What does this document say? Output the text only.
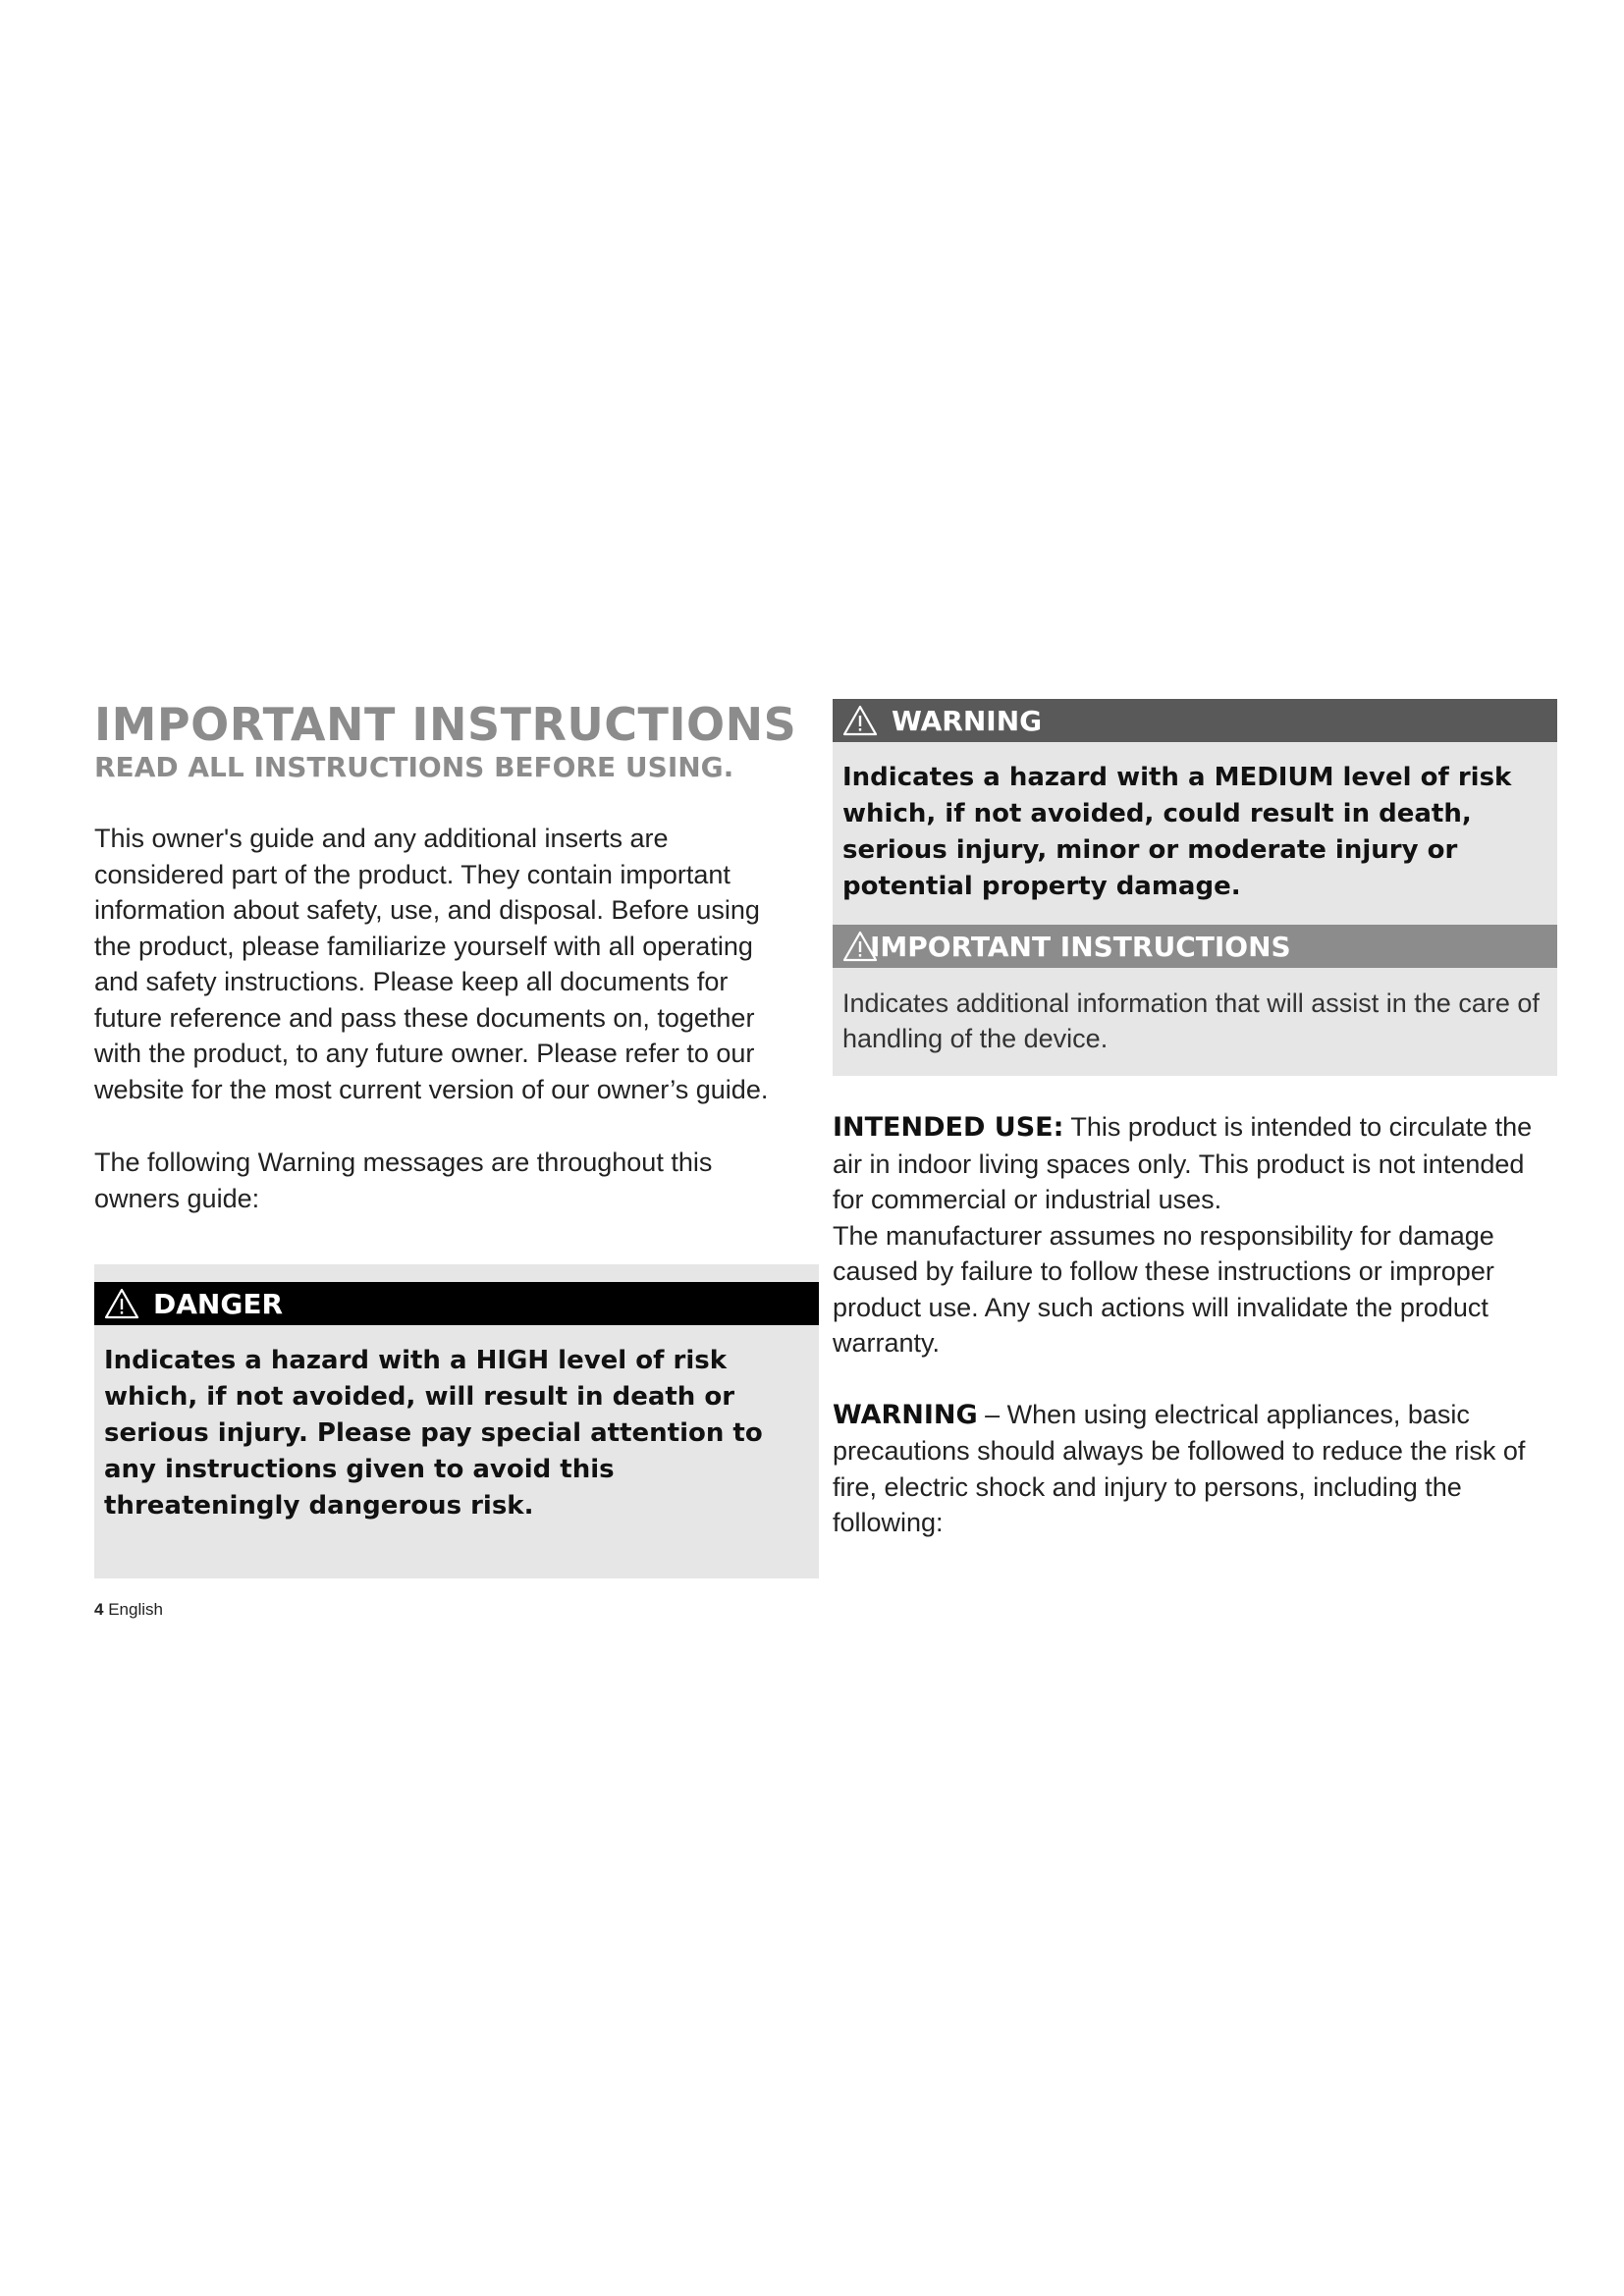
IMPORTANT INSTRUCTIONS
READ ALL INSTRUCTIONS BEFORE USING.

This owner's guide and any additional inserts are considered part of the product. They contain important information about safety, use, and disposal. Before using the product, please familiarize yourself with all operating and safety instructions. Please keep all documents for future reference and pass these documents on, together with the product, to any future owner. Please refer to our website for the most current version of our owner’s guide.

The following Warning messages are throughout this owners guide:

DANGER
Indicates a hazard with a HIGH level of risk which, if not avoided, will result in death or serious injury. Please pay special attention to any instructions given to avoid this threateningly dangerous risk.
WARNING
Indicates a hazard with a MEDIUM level of risk which, if not avoided, could result in death, serious injury, minor or moderate injury or potential property damage.
IMPORTANT INSTRUCTIONS
Indicates additional information that will assist in the care of handling of the device.

INTENDED USE: This product is intended to circulate the air in indoor living spaces only. This product is not intended for commercial or industrial uses.
The manufacturer assumes no responsibility for damage caused by failure to follow these instructions or improper product use. Any such actions will invalidate the product warranty.

WARNING – When using electrical appliances, basic precautions should always be followed to reduce the risk of fire, electric shock and injury to persons, including the following:

4 English
